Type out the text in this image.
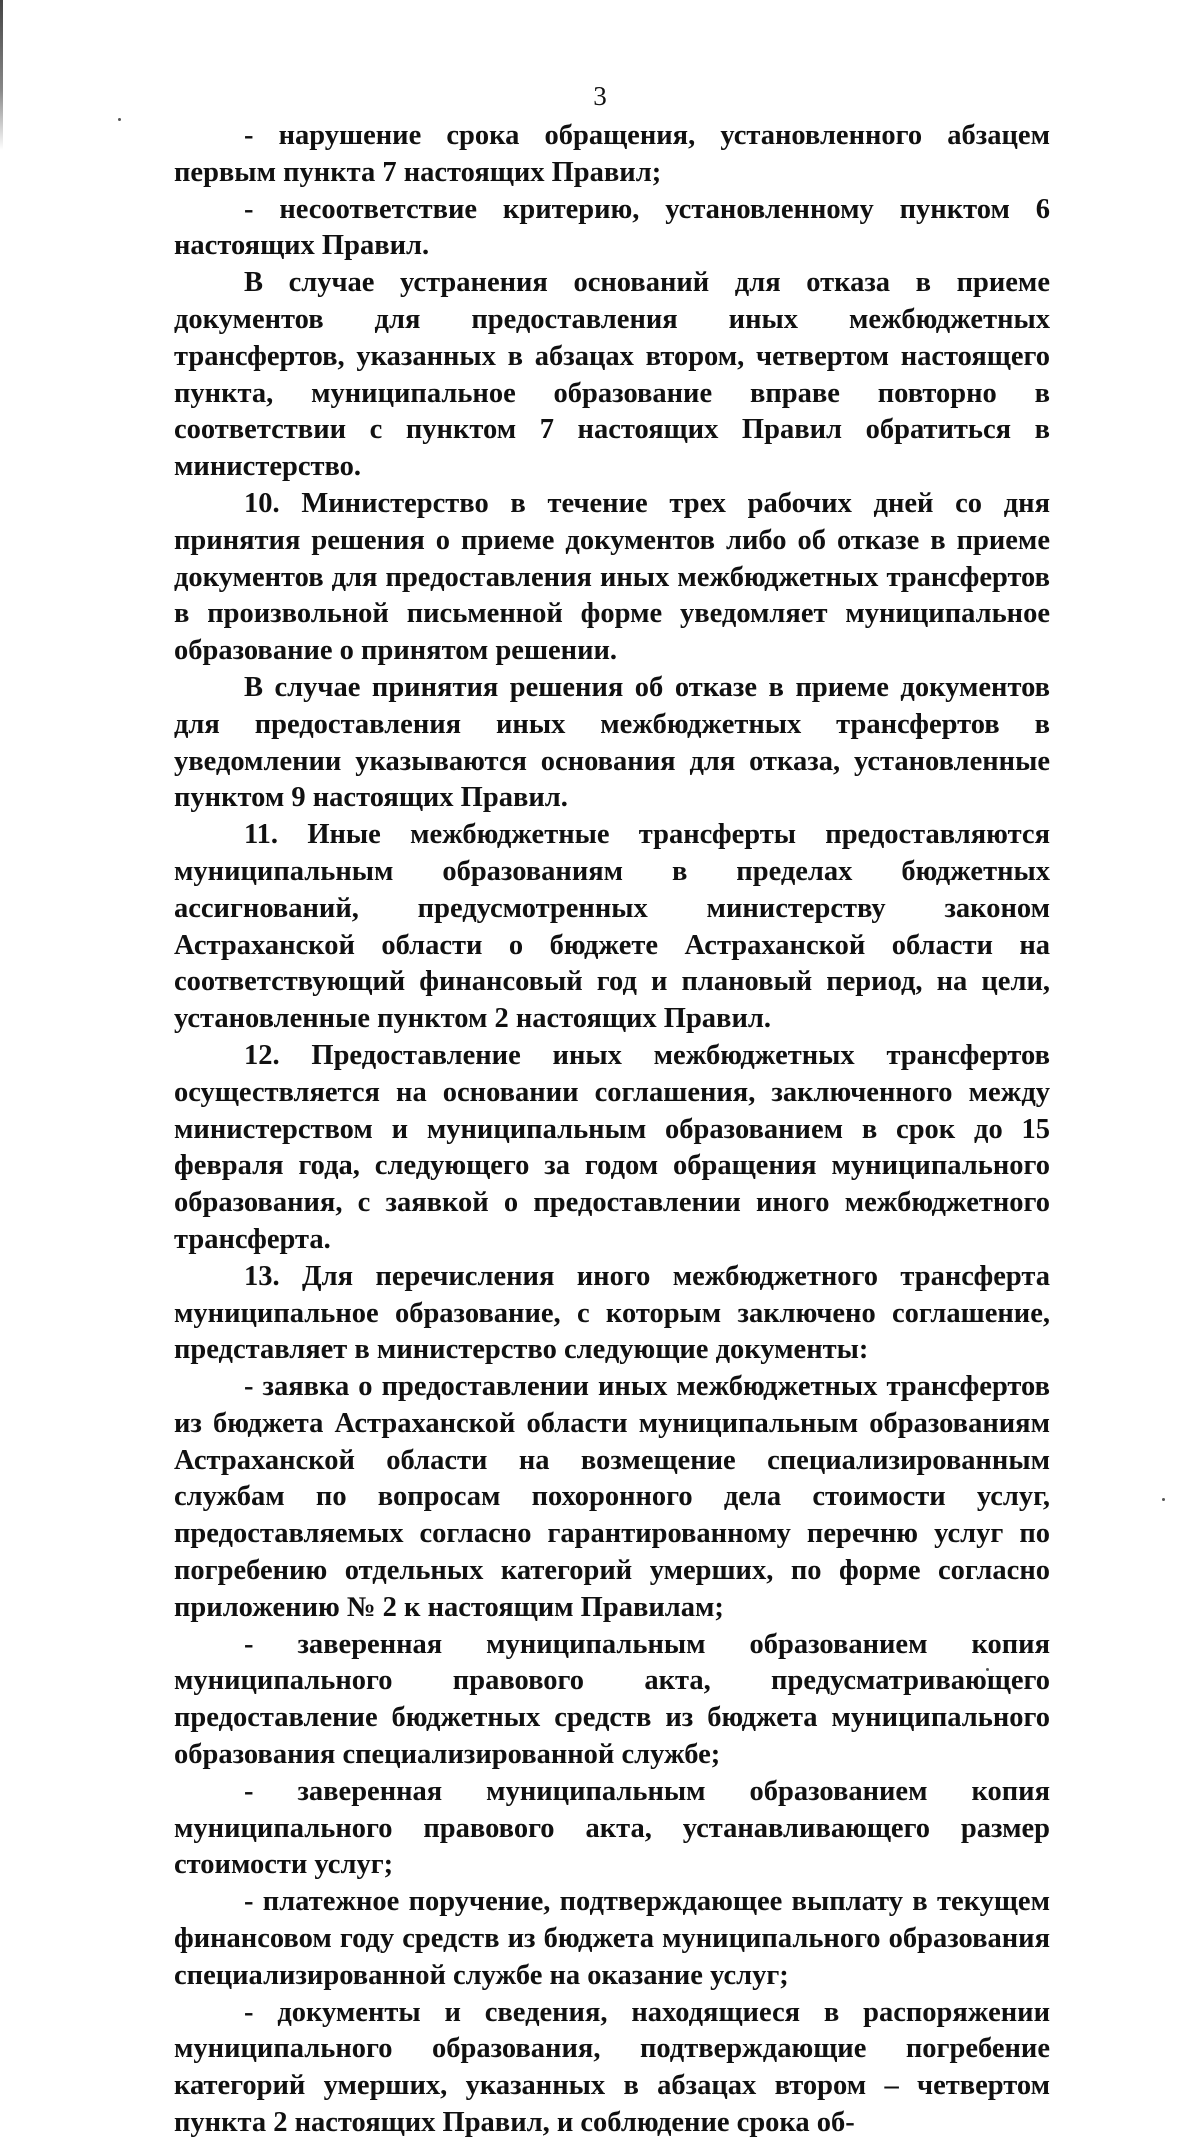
3

- нарушение срока обращения, установленного абзацем первым пункта 7 настоящих Правил;

- несоответствие критерию, установленному пунктом 6 настоящих Правил.

В случае устранения оснований для отказа в приеме документов для предоставления иных межбюджетных трансфертов, указанных в абзацах втором, четвертом настоящего пункта, муниципальное образование вправе повторно в соответствии с пунктом 7 настоящих Правил обратиться в министерство.

10. Министерство в течение трех рабочих дней со дня принятия решения о приеме документов либо об отказе в приеме документов для предоставления иных межбюджетных трансфертов в произвольной письменной форме уведомляет муниципальное образование о принятом решении.

В случае принятия решения об отказе в приеме документов для предоставления иных межбюджетных трансфертов в уведомлении указываются основания для отказа, установленные пунктом 9 настоящих Правил.

11. Иные межбюджетные трансферты предоставляются муниципальным образованиям в пределах бюджетных ассигнований, предусмотренных министерству законом Астраханской области о бюджете Астраханской области на соответствующий финансовый год и плановый период, на цели, установленные пунктом 2 настоящих Правил.

12. Предоставление иных межбюджетных трансфертов осуществляется на основании соглашения, заключенного между министерством и муниципальным образованием в срок до 15 февраля года, следующего за годом обращения муниципального образования, с заявкой о предоставлении иного межбюджетного трансферта.

13. Для перечисления иного межбюджетного трансферта муниципальное образование, с которым заключено соглашение, представляет в министерство следующие документы:

- заявка о предоставлении иных межбюджетных трансфертов из бюджета Астраханской области муниципальным образованиям Астраханской области на возмещение специализированным службам по вопросам похоронного дела стоимости услуг, предоставляемых согласно гарантированному перечню услуг по погребению отдельных категорий умерших, по форме согласно приложению № 2 к настоящим Правилам;

- заверенная муниципальным образованием копия муниципального правового акта, предусматривающего предоставление бюджетных средств из бюджета муниципального образования специализированной службе;

- заверенная муниципальным образованием копия муниципального правового акта, устанавливающего размер стоимости услуг;

- платежное поручение, подтверждающее выплату в текущем финансовом году средств из бюджета муниципального образования специализированной службе на оказание услуг;

- документы и сведения, находящиеся в распоряжении муниципального образования, подтверждающие погребение категорий умерших, указанных в абзацах втором – четвертом пункта 2 настоящих Правил, и соблюдение срока об-
